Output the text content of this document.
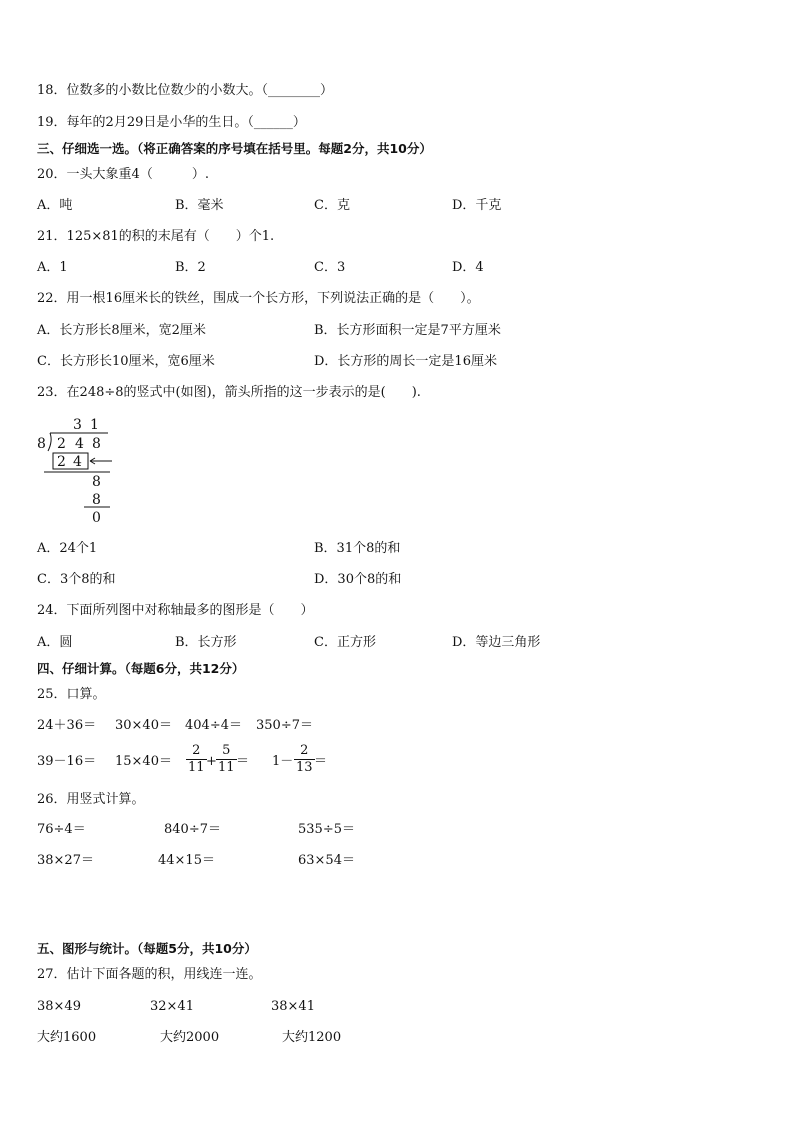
18．位数多的小数比位数少的小数大。（________）
19．每年的2月29日是小华的生日。（______）
三、仔细选一选。（将正确答案的序号填在括号里。每题2分，共10分）
20．一头大象重4（　　　）.
A．吨	B．毫米	C．克	D．千克
21．125×81的积的末尾有（　　）个1.
A．1	B．2	C．3	D．4
22．用一根16厘米长的铁丝，围成一个长方形，下列说法正确的是（　　）。
A．长方形长8厘米，宽2厘米	B．长方形面积一定是7平方厘米
C．长方形长10厘米，宽6厘米	D．长方形的周长一定是16厘米
23．在248÷8的竖式中(如图)，箭头所指的这一步表示的是(　　).
3 1
8 2 4 8
2 4
8
8
0
A．24个1	B．31个8的和
C．3个8的和	D．30个8的和
24．下面所列图中对称轴最多的图形是（　　）
A．圆	B．长方形	C．正方形	D．等边三角形
四、仔细计算。（每题6分，共12分）
25．口算。
24＋36＝ 30×40＝ 404÷4＝ 350÷7＝
$39-16= 15\times 40= \frac{2}{11} + \frac{5}{11} = 1- \frac{2}{13}$ ＝
26．用竖式计算。
76÷4＝	840÷7＝	535÷5＝
38×27＝	44×15＝	63×54＝
五、图形与统计。（每题5分，共10分）
27．估计下面各题的积，用线连一连。
38×49	32×41	38×41
大约1600	大约2000	大约1200
